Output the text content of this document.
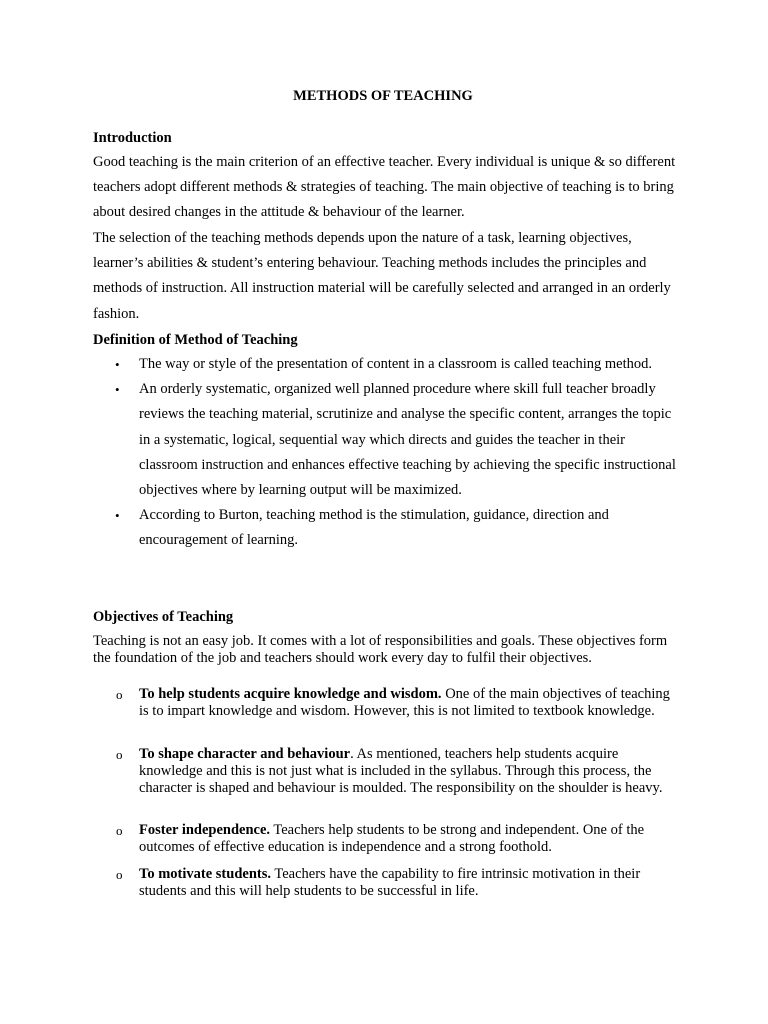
METHODS OF TEACHING
Introduction
Good teaching is the main criterion of an effective teacher. Every individual is unique & so different teachers adopt different methods & strategies of teaching. The main objective of teaching is to bring about desired changes in the attitude & behaviour of the learner.
The selection of the teaching methods depends upon the nature of a task, learning objectives, learner’s abilities & student’s entering behaviour. Teaching methods includes the principles and methods of instruction. All instruction material will be carefully selected and arranged in an orderly fashion.
Definition of Method of Teaching
• The way or style of the presentation of content in a classroom is called teaching method.
• An orderly systematic, organized well planned procedure where skill full teacher broadly reviews the teaching material, scrutinize and analyse the specific content, arranges the topic in a systematic, logical, sequential way which directs and guides the teacher in their classroom instruction and enhances effective teaching by achieving the specific instructional objectives where by learning output will be maximized.
• According to Burton, teaching method is the stimulation, guidance, direction and encouragement of learning.
Objectives of Teaching
Teaching is not an easy job. It comes with a lot of responsibilities and goals. These objectives form the foundation of the job and teachers should work every day to fulfil their objectives.
o To help students acquire knowledge and wisdom. One of the main objectives of teaching is to impart knowledge and wisdom. However, this is not limited to textbook knowledge.
o To shape character and behaviour. As mentioned, teachers help students acquire knowledge and this is not just what is included in the syllabus. Through this process, the character is shaped and behaviour is moulded. The responsibility on the shoulder is heavy.
o Foster independence. Teachers help students to be strong and independent. One of the outcomes of effective education is independence and a strong foothold.
o To motivate students. Teachers have the capability to fire intrinsic motivation in their students and this will help students to be successful in life.
